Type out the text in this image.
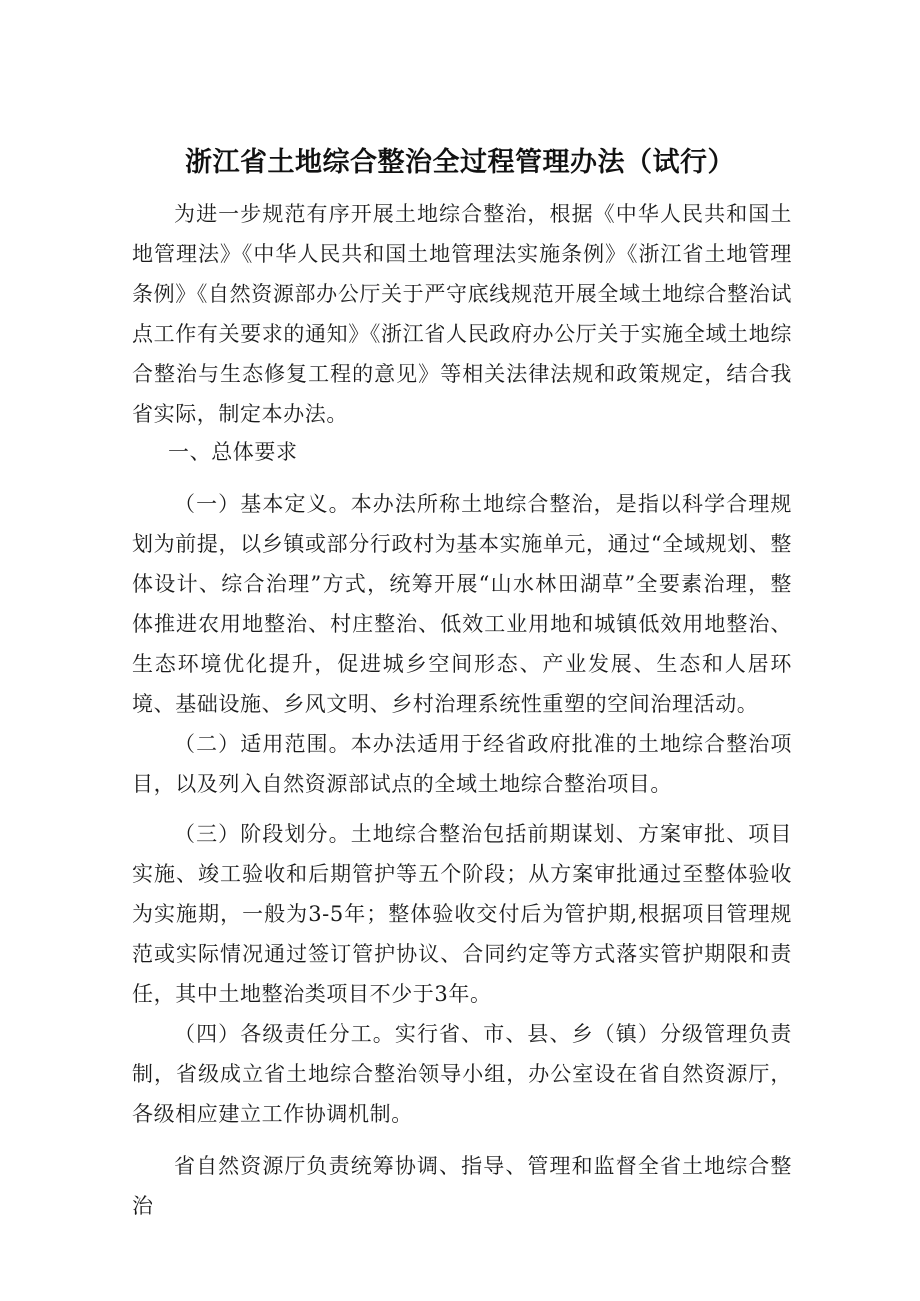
浙江省土地综合整治全过程管理办法（试行）

为进一步规范有序开展土地综合整治，根据《中华人民共和国土地管理法》《中华人民共和国土地管理法实施条例》《浙江省土地管理条例》《自然资源部办公厅关于严守底线规范开展全域土地综合整治试点工作有关要求的通知》《浙江省人民政府办公厅关于实施全域土地综合整治与生态修复工程的意见》等相关法律法规和政策规定，结合我省实际，制定本办法。

一、总体要求

（一）基本定义。本办法所称土地综合整治，是指以科学合理规划为前提，以乡镇或部分行政村为基本实施单元，通过“全域规划、整体设计、综合治理”方式，统筹开展“山水林田湖草”全要素治理，整体推进农用地整治、村庄整治、低效工业用地和城镇低效用地整治、生态环境优化提升，促进城乡空间形态、产业发展、生态和人居环境、基础设施、乡风文明、乡村治理系统性重塑的空间治理活动。

（二）适用范围。本办法适用于经省政府批准的土地综合整治项目，以及列入自然资源部试点的全域土地综合整治项目。

（三）阶段划分。土地综合整治包括前期谋划、方案审批、项目实施、竣工验收和后期管护等五个阶段；从方案审批通过至整体验收为实施期，一般为3-5年；整体验收交付后为管护期,根据项目管理规范或实际情况通过签订管护协议、合同约定等方式落实管护期限和责任，其中土地整治类项目不少于3年。

（四）各级责任分工。实行省、市、县、乡（镇）分级管理负责制，省级成立省土地综合整治领导小组，办公室设在省自然资源厅，各级相应建立工作协调机制。

省自然资源厅负责统筹协调、指导、管理和监督全省土地综合整治
